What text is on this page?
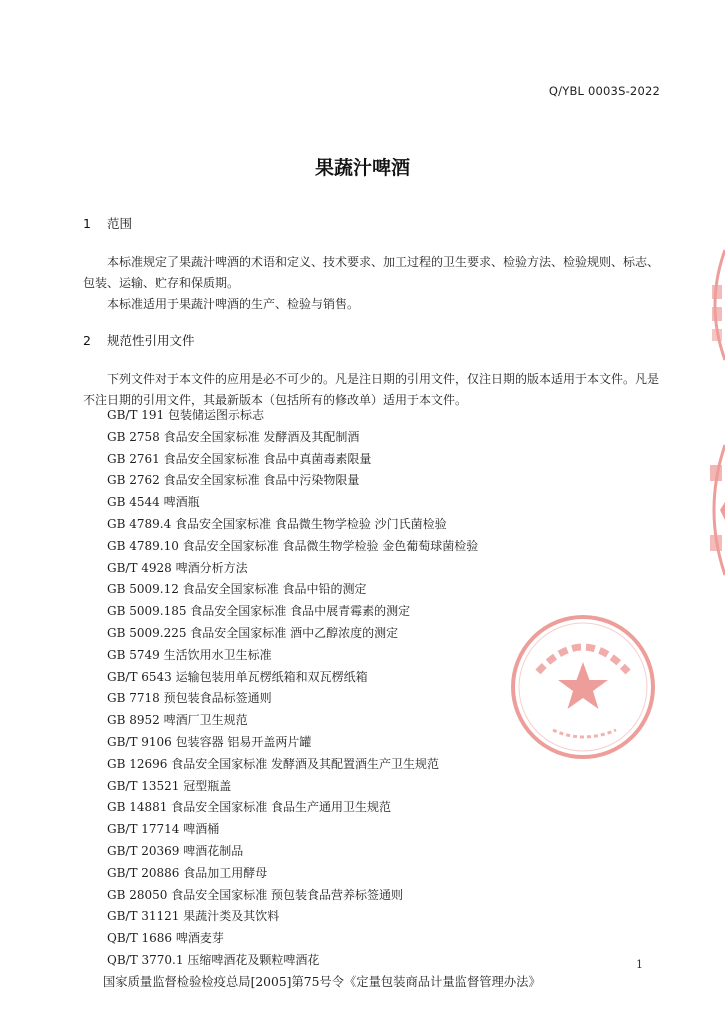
Q/YBL 0003S-2022
果蔬汁啤酒
1 范围

本标准规定了果蔬汁啤酒的术语和定义、技术要求、加工过程的卫生要求、检验方法、检验规则、标志、包装、运输、贮存和保质期。

本标准适用于果蔬汁啤酒的生产、检验与销售。

2 规范性引用文件

下列文件对于本文件的应用是必不可少的。凡是注日期的引用文件，仅注日期的版本适用于本文件。凡是不注日期的引用文件，其最新版本（包括所有的修改单）适用于本文件。

GB/T 191 包装储运图示标志
GB 2758 食品安全国家标准 发酵酒及其配制酒
GB 2761 食品安全国家标准 食品中真菌毒素限量
GB 2762 食品安全国家标准 食品中污染物限量
GB 4544 啤酒瓶
GB 4789.4 食品安全国家标准 食品微生物学检验 沙门氏菌检验
GB 4789.10 食品安全国家标准 食品微生物学检验 金色葡萄球菌检验
GB/T 4928 啤酒分析方法
GB 5009.12 食品安全国家标准 食品中铅的测定
GB 5009.185 食品安全国家标准 食品中展青霉素的测定
GB 5009.225 食品安全国家标准 酒中乙醇浓度的测定
GB 5749 生活饮用水卫生标准
GB/T 6543 运输包装用单瓦楞纸箱和双瓦楞纸箱
GB 7718 预包装食品标签通则
GB 8952 啤酒厂卫生规范
GB/T 9106 包装容器 铝易开盖两片罐
GB 12696 食品安全国家标准 发酵酒及其配置酒生产卫生规范
GB/T 13521 冠型瓶盖
GB 14881 食品安全国家标准 食品生产通用卫生规范
GB/T 17714 啤酒桶
GB/T 20369 啤酒花制品
GB/T 20886 食品加工用酵母
GB 28050 食品安全国家标准 预包装食品营养标签通则
GB/T 31121 果蔬汁类及其饮料
QB/T 1686 啤酒麦芽
QB/T 3770.1 压缩啤酒花及颗粒啤酒花
国家质量监督检验检疫总局[2005]第75号令《定量包装商品计量监督管理办法》
1
